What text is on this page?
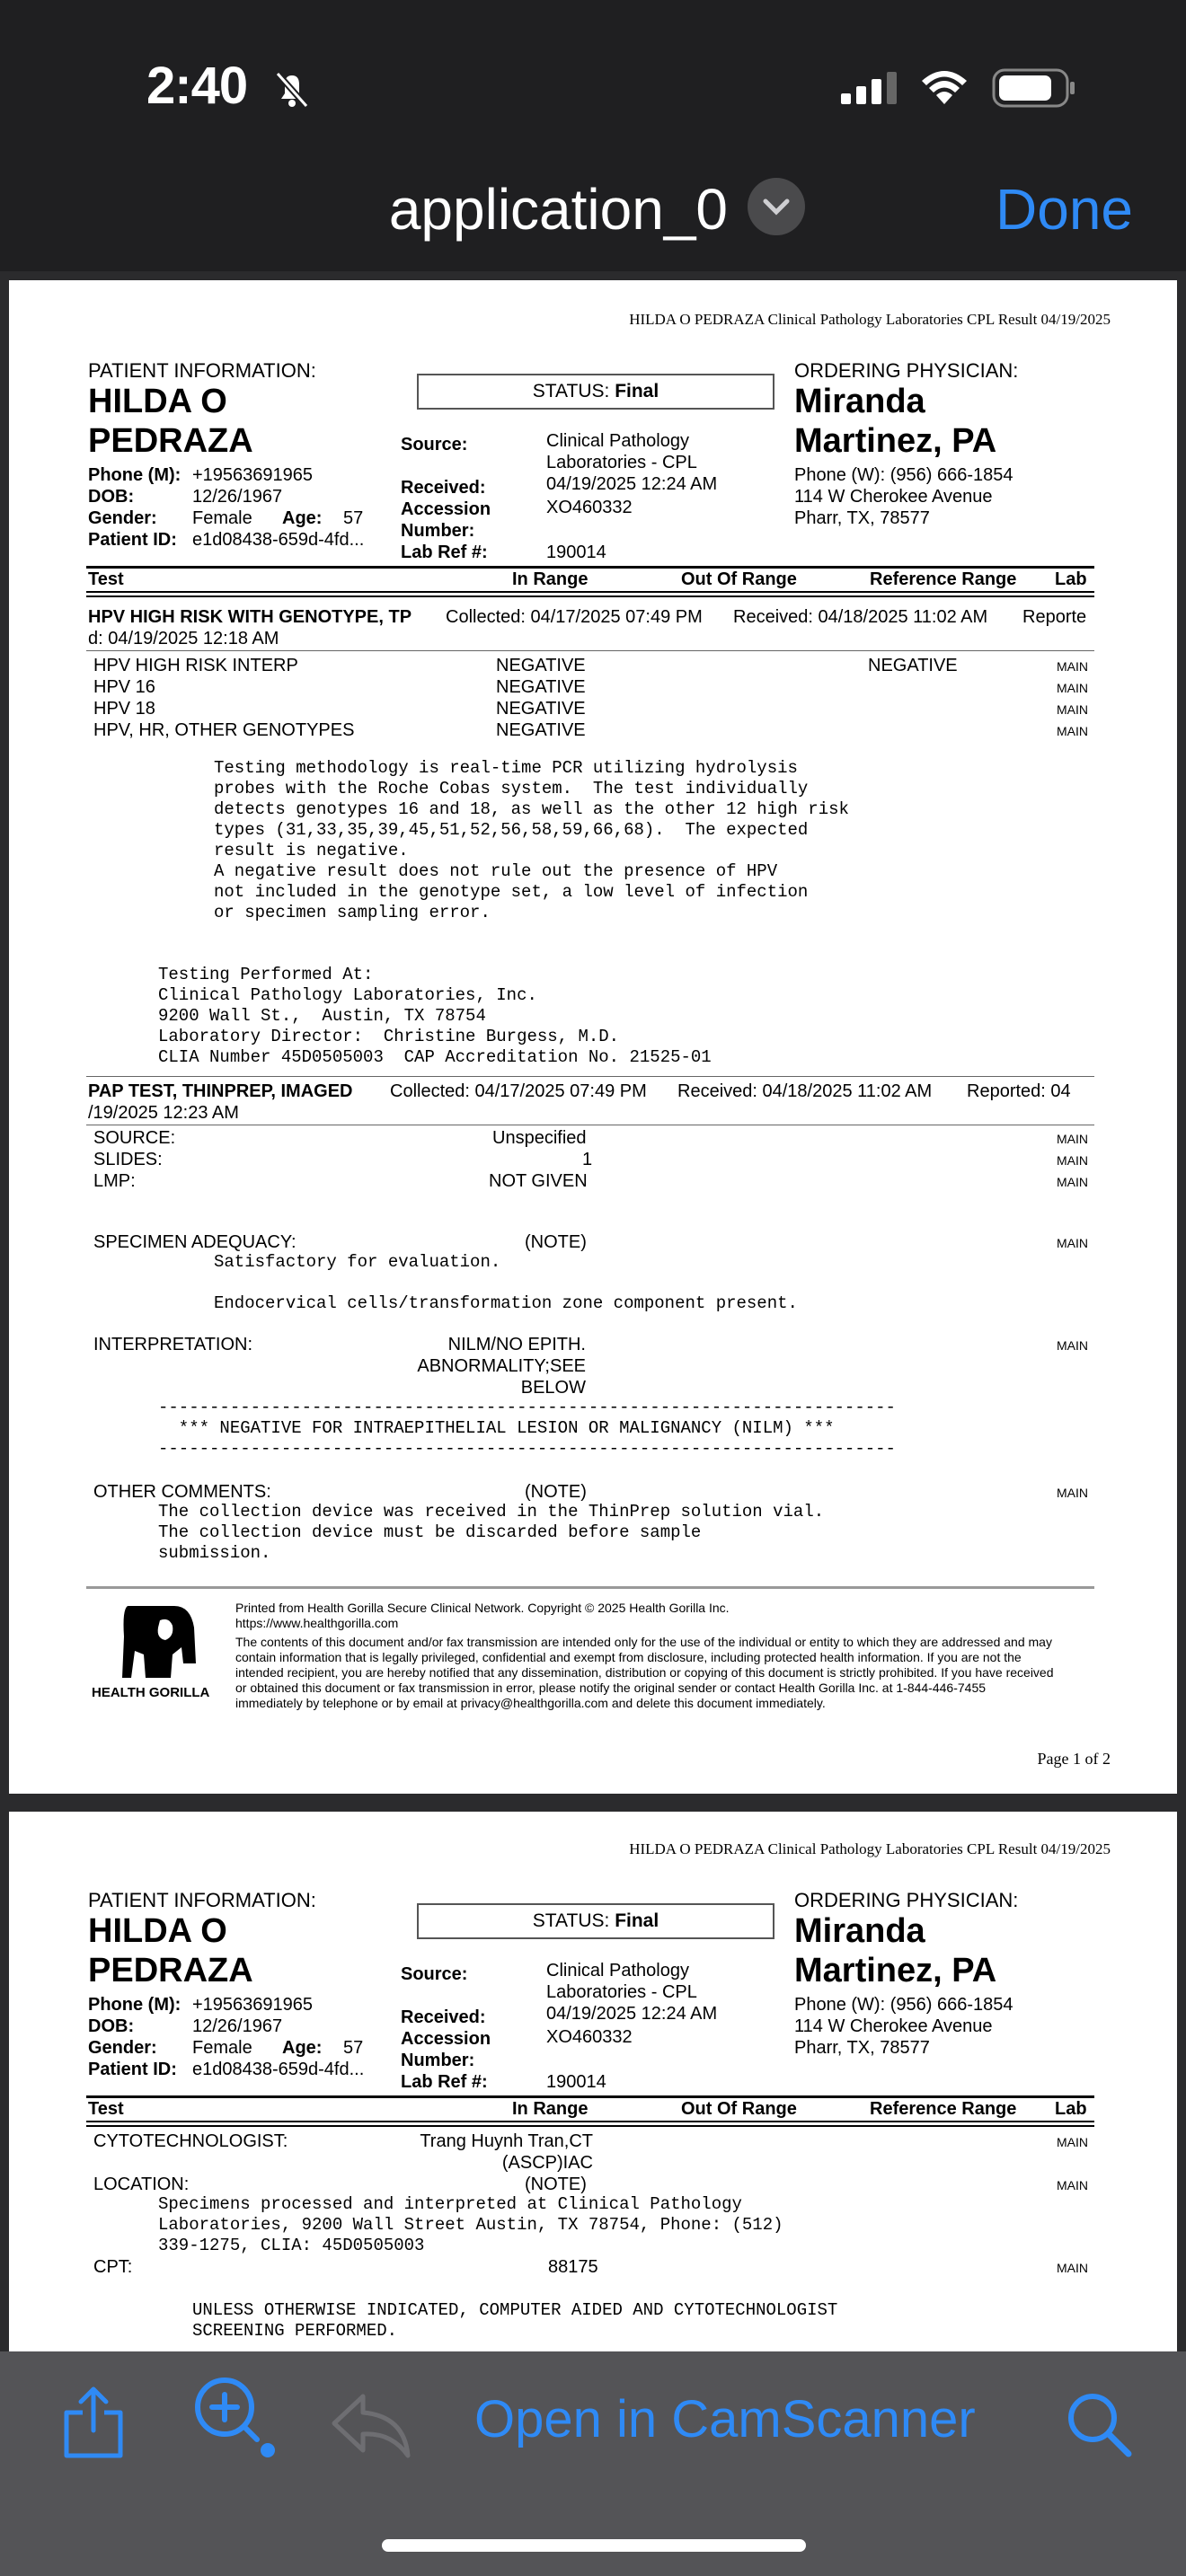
2:40
application_0	Done
HILDA O PEDRAZA Clinical Pathology Laboratories CPL Result 04/19/2025
PATIENT INFORMATION:
HILDA O
PEDRAZA
Phone (M): +19563691965
DOB:	12/26/1967
Gender: Female Age: 57
Patient ID: e1d08438-659d-4fd...
STATUS: Final
Source:	Clinical Pathology
Laboratories - CPL
Received:	04/19/2025 12:24 AM
Accession	XO460332
Number:
Lab Ref #:	190014
ORDERING PHYSICIAN:
Miranda
Martinez, PA
Phone (W): (956) 666-1854
114 W Cherokee Avenue
Pharr, TX, 78577
Test	In Range	Out Of Range	Reference Range Lab
HPV HIGH RISK WITH GENOTYPE, TP Collected: 04/17/2025 07:49 PM Received: 04/18/2025 11:02 AM Reporte
d: 04/19/2025 12:18 AM
HPV HIGH RISK INTERP	NEGATIVE	NEGATIVE	MAIN
HPV 16	NEGATIVE	MAIN
HPV 18	NEGATIVE	MAIN
HPV, HR, OTHER GENOTYPES	NEGATIVE	MAIN
Testing methodology is real-time PCR utilizing hydrolysis
probes with the Roche Cobas system.  The test individually
detects genotypes 16 and 18, as well as the other 12 high risk
types (31,33,35,39,45,51,52,56,58,59,66,68).  The expected
result is negative.
A negative result does not rule out the presence of HPV
not included in the genotype set, a low level of infection
or specimen sampling error.
Testing Performed At:
Clinical Pathology Laboratories, Inc.
9200 Wall St.,  Austin, TX 78754
Laboratory Director:  Christine Burgess, M.D.
CLIA Number 45D0505003  CAP Accreditation No. 21525-01
PAP TEST, THINPREP, IMAGED Collected: 04/17/2025 07:49 PM Received: 04/18/2025 11:02 AM Reported: 04
/19/2025 12:23 AM
SOURCE:	Unspecified	MAIN
SLIDES:	1	MAIN
LMP:	NOT GIVEN	MAIN
SPECIMEN ADEQUACY:	(NOTE)	MAIN
Satisfactory for evaluation.

Endocervical cells/transformation zone component present.
INTERPRETATION:	NILM/NO EPITH.
ABNORMALITY;SEE
BELOW
MAIN
------------------------------------------------------------------------
*** NEGATIVE FOR INTRAEPITHELIAL LESION OR MALIGNANCY (NILM) ***
------------------------------------------------------------------------
OTHER COMMENTS:	(NOTE)	MAIN
The collection device was received in the ThinPrep solution vial.
The collection device must be discarded before sample
submission.
HEALTH GORILLA
Printed from Health Gorilla Secure Clinical Network. Copyright © 2025 Health Gorilla Inc.
https://www.healthgorilla.com
The contents of this document and/or fax transmission are intended only for the use of the individual or entity to which they are addressed and may
contain information that is legally privileged, confidential and exempt from disclosure, including protected health information. If you are not the
intended recipient, you are hereby notified that any dissemination, distribution or copying of this document is strictly prohibited. If you have received
or obtained this document or fax transmission in error, please notify the original sender or contact Health Gorilla Inc. at 1-844-446-7455
immediately by telephone or by email at privacy@healthgorilla.com and delete this document immediately.
Page 1 of 2
HILDA O PEDRAZA Clinical Pathology Laboratories CPL Result 04/19/2025
PATIENT INFORMATION:
HILDA O
PEDRAZA
Phone (M): +19563691965
DOB:	12/26/1967
Gender: Female Age: 57
Patient ID: e1d08438-659d-4fd...
STATUS: Final
Source:	Clinical Pathology
Laboratories - CPL
Received:	04/19/2025 12:24 AM
Accession	XO460332
Number:
Lab Ref #:	190014
ORDERING PHYSICIAN:
Miranda
Martinez, PA
Phone (W): (956) 666-1854
114 W Cherokee Avenue
Pharr, TX, 78577
Test	In Range	Out Of Range	Reference Range Lab
CYTOTECHNOLOGIST:	Trang Huynh Tran,CT
(ASCP)IAC
MAIN
LOCATION:	(NOTE)	MAIN
Specimens processed and interpreted at Clinical Pathology
Laboratories, 9200 Wall Street Austin, TX 78754, Phone: (512)
339-1275, CLIA: 45D0505003
CPT:	88175	MAIN
UNLESS OTHERWISE INDICATED, COMPUTER AIDED AND CYTOTECHNOLOGIST
SCREENING PERFORMED.
Open in CamScanner
